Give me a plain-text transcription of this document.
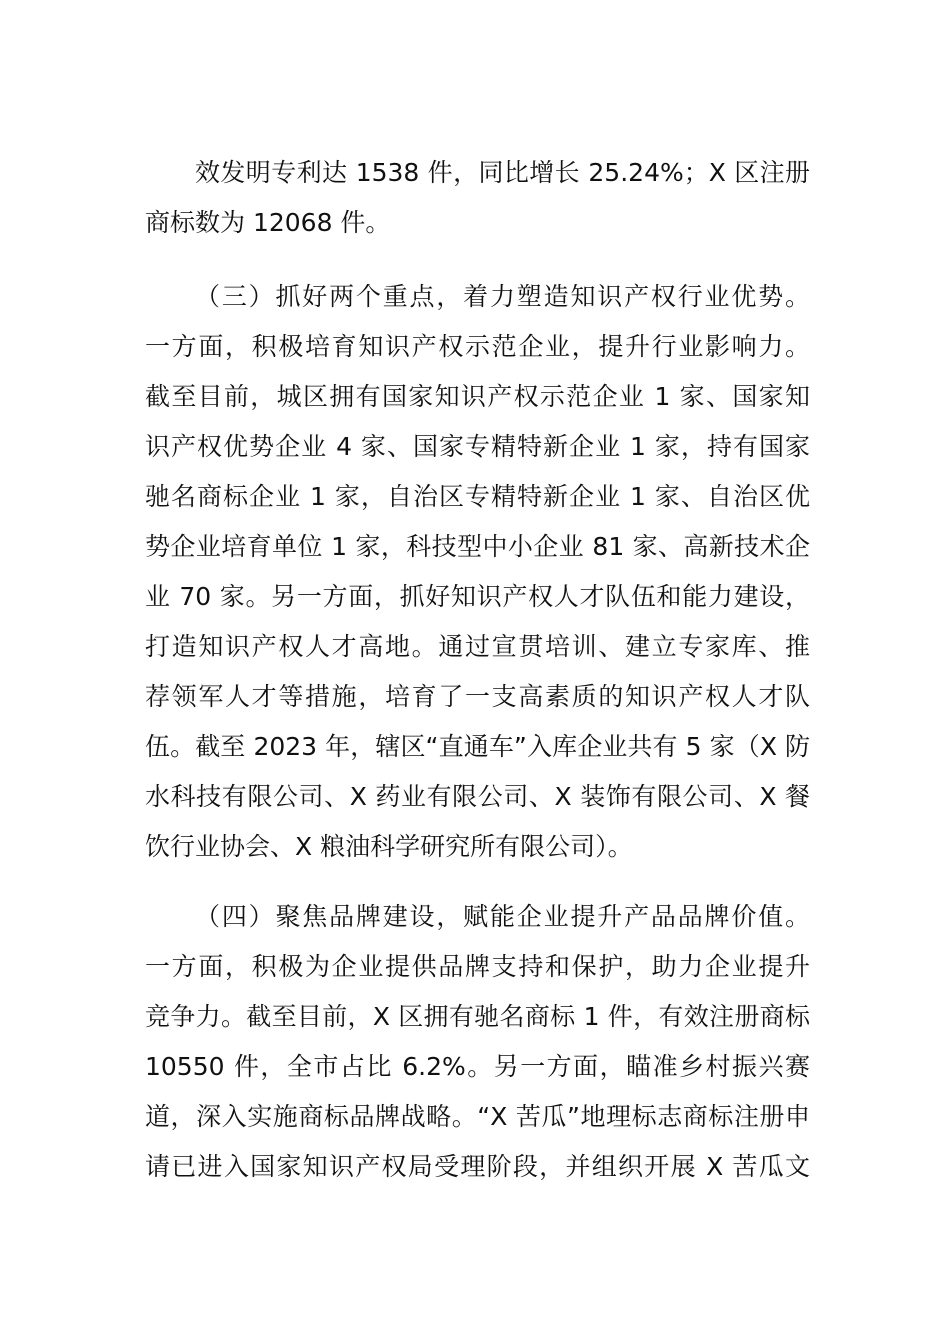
效发明专利达 1538 件，同比增长 25.24%；X 区注册
商标数为 12068 件。
（三）抓好两个重点，着力塑造知识产权行业优势。
一方面，积极培育知识产权示范企业，提升行业影响力。
截至目前，城区拥有国家知识产权示范企业 1 家、国家知
识产权优势企业 4 家、国家专精特新企业 1 家，持有国家
驰名商标企业 1 家，自治区专精特新企业 1 家、自治区优
势企业培育单位 1 家，科技型中小企业 81 家、高新技术企
业 70 家。另一方面，抓好知识产权人才队伍和能力建设，
打造知识产权人才高地。通过宣贯培训、建立专家库、推
荐领军人才等措施，培育了一支高素质的知识产权人才队
伍。截至 2023 年，辖区“直通车”入库企业共有 5 家（X 防
水科技有限公司、X 药业有限公司、X 装饰有限公司、X 餐
饮行业协会、X 粮油科学研究所有限公司）。
（四）聚焦品牌建设，赋能企业提升产品品牌价值。
一方面，积极为企业提供品牌支持和保护，助力企业提升
竞争力。截至目前，X 区拥有驰名商标 1 件，有效注册商标
10550 件，全市占比 6.2%。另一方面，瞄准乡村振兴赛
道，深入实施商标品牌战略。“X 苦瓜”地理标志商标注册申
请已进入国家知识产权局受理阶段，并组织开展 X 苦瓜文
